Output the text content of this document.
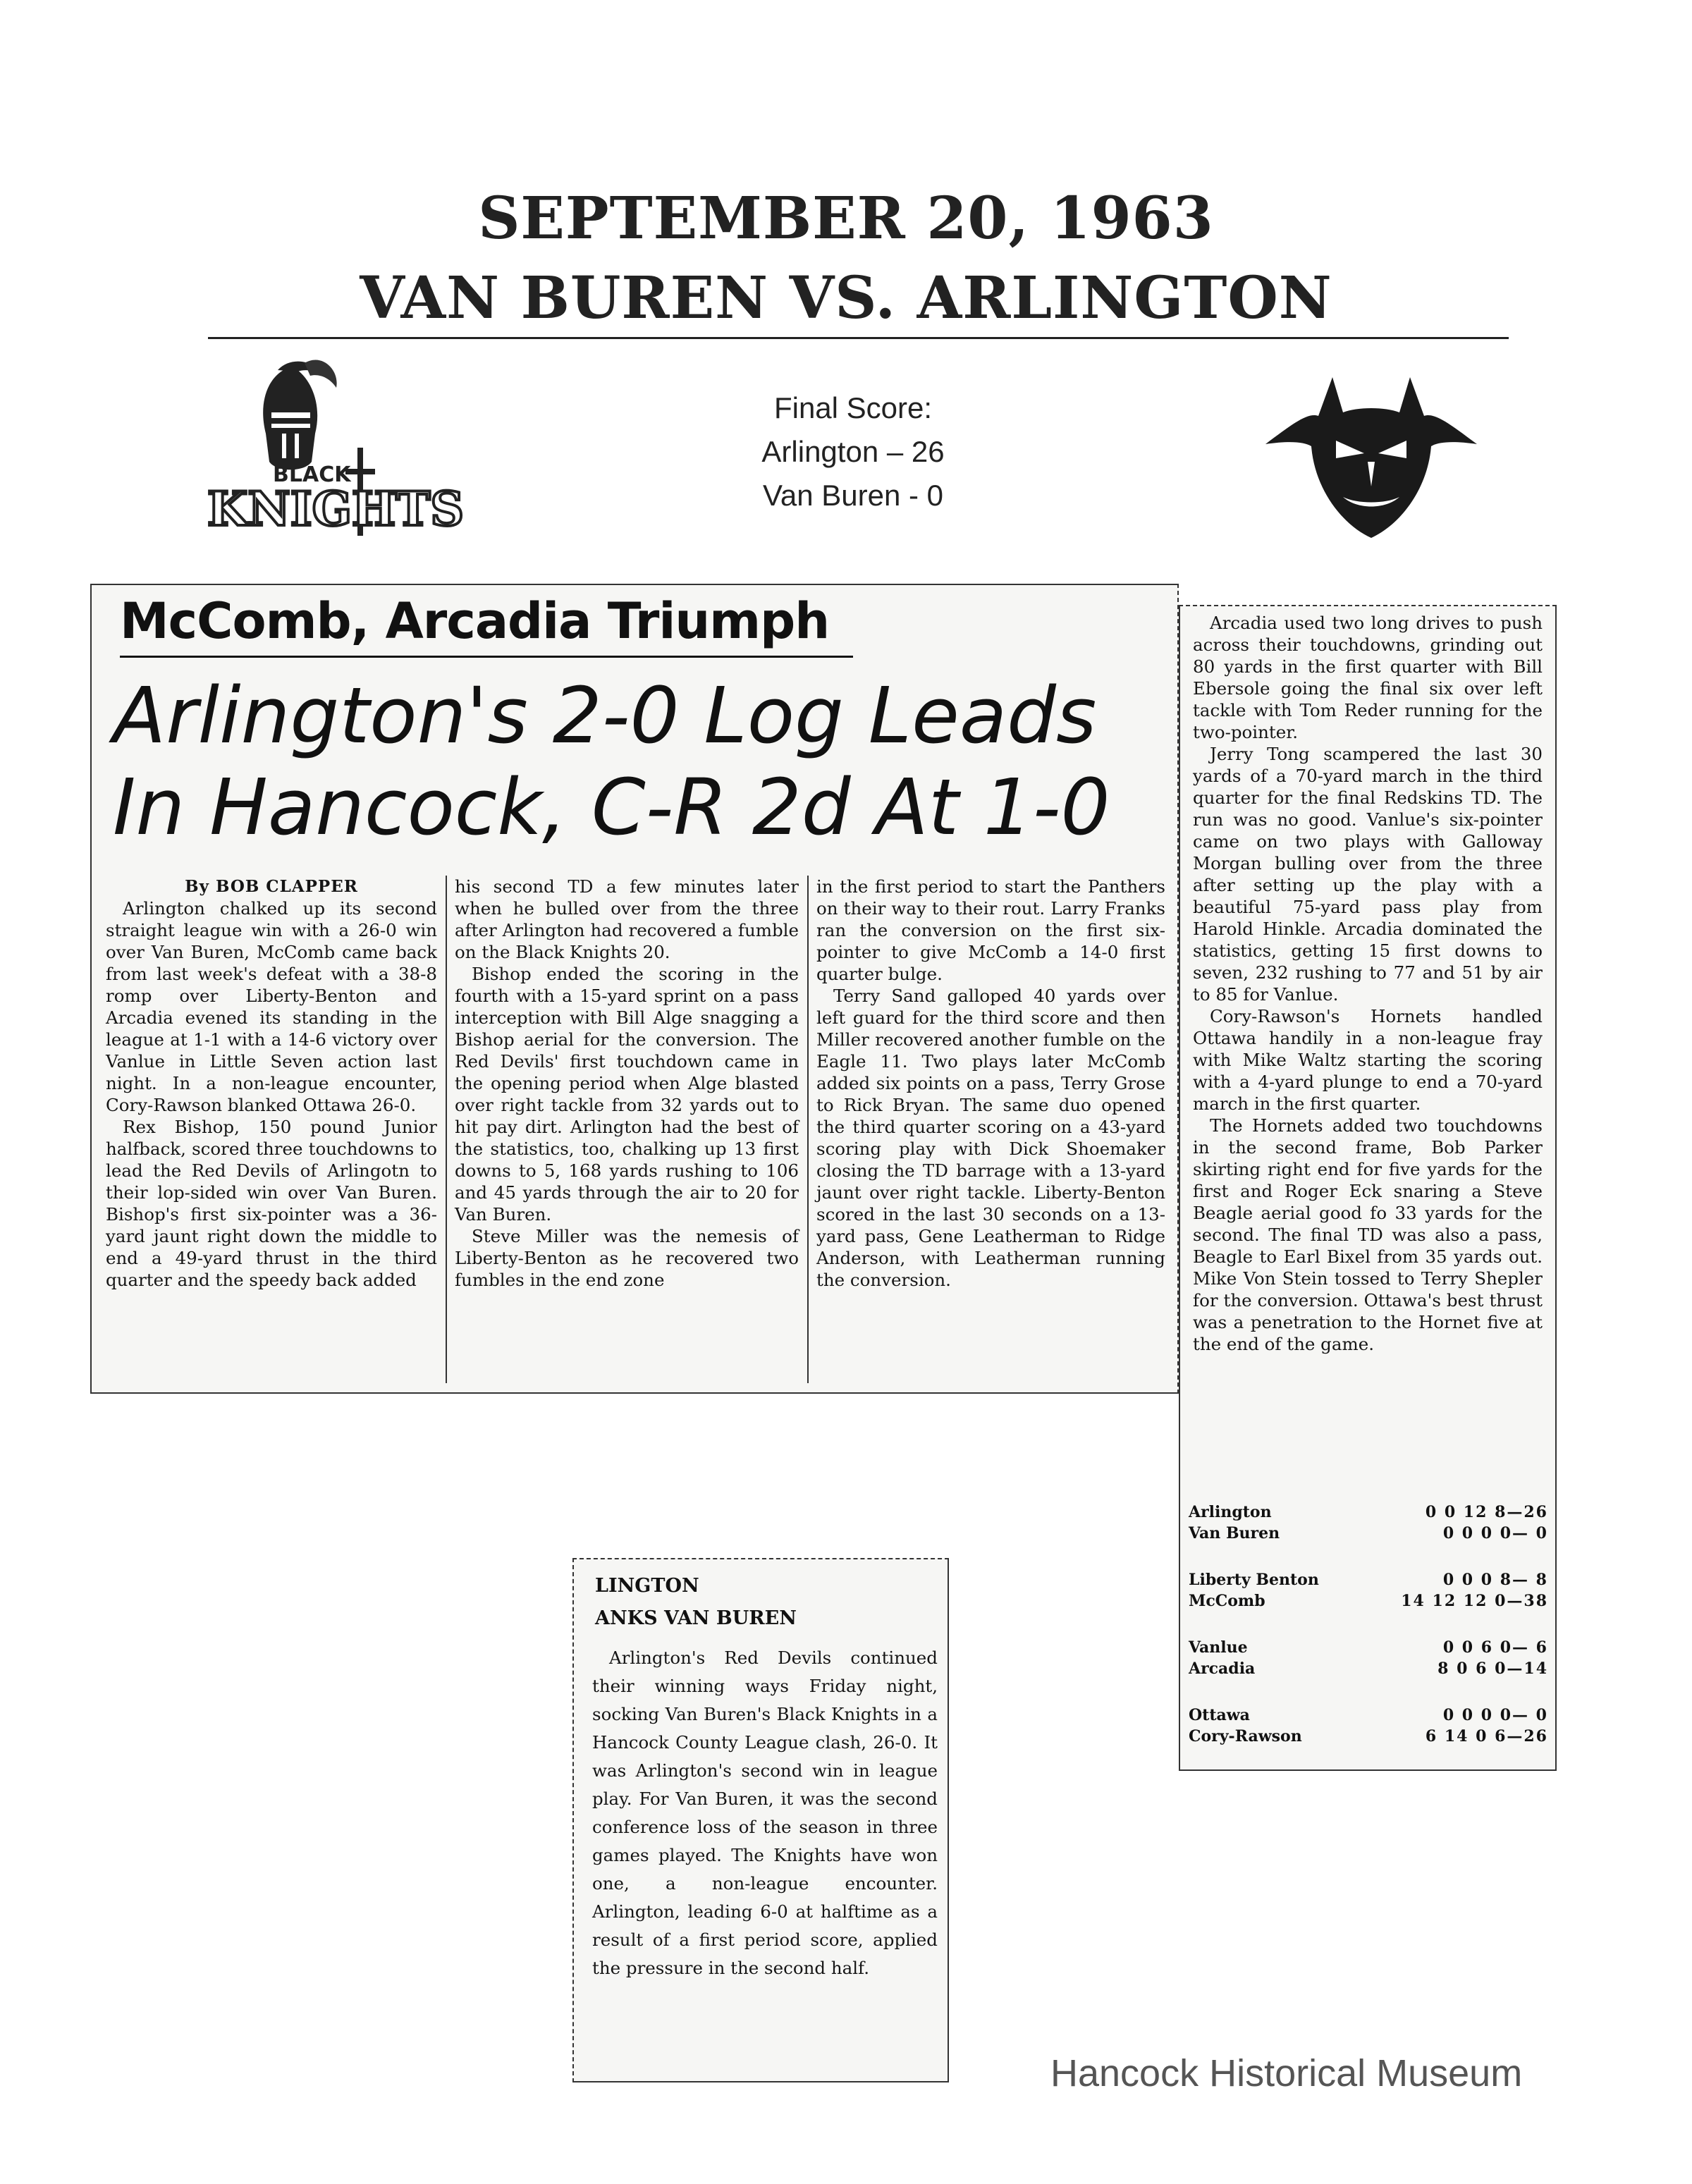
SEPTEMBER 20, 1963
VAN BUREN VS. ARLINGTON
BLACK
KNIGHTS
Final Score:
Arlington – 26
Van Buren - 0
McComb, Arcadia Triumph
Arlington's 2-0 Log Leads
In Hancock, C-R 2d At 1-0

By BOB CLAPPER

Arlington chalked up its second straight league win with a 26-0 win over Van Buren, McComb came back from last week's defeat with a 38-8 romp over Liberty-Benton and Arcadia evened its standing in the league at 1-1 with a 14-6 victory over Vanlue in Little Seven action last night. In a non-league encounter, Cory-Rawson blanked Ottawa 26-0.

Rex Bishop, 150 pound Junior halfback, scored three touchdowns to lead the Red Devils of Arlingotn to their lop-sided win over Van Buren. Bishop's first six-pointer was a 36-yard jaunt right down the middle to end a 49-yard thrust in the third quarter and the speedy back added

his second TD a few minutes later when he bulled over from the three after Arlington had recovered a fumble on the Black Knights 20.

Bishop ended the scoring in the fourth with a 15-yard sprint on a pass interception with Bill Alge snagging a Bishop aerial for the conversion. The Red Devils' first touchdown came in the opening period when Alge blasted over right tackle from 32 yards out to hit pay dirt. Arlington had the best of the statistics, too, chalking up 13 first downs to 5, 168 yards rushing to 106 and 45 yards through the air to 20 for Van Buren.

Steve Miller was the nemesis of Liberty-Benton as he recovered two fumbles in the end zone

in the first period to start the Panthers on their way to their rout. Larry Franks ran the conversion on the first six-pointer to give McComb a 14-0 first quarter bulge.

Terry Sand galloped 40 yards over left guard for the third score and then Miller recovered another fumble on the Eagle 11. Two plays later McComb added six points on a pass, Terry Grose to Rick Bryan. The same duo opened the third quarter scoring on a 43-yard scoring play with Dick Shoemaker closing the TD barrage with a 13-yard jaunt over right tackle. Liberty-Benton scored in the last 30 seconds on a 13-yard pass, Gene Leatherman to Ridge Anderson, with Leatherman running the conversion.

Arcadia used two long drives to push across their touchdowns, grinding out 80 yards in the first quarter with Bill Ebersole going the final six over left tackle with Tom Reder running for the two-pointer.

Jerry Tong scampered the last 30 yards of a 70-yard march in the third quarter for the final Redskins TD. The run was no good. Vanlue's six-pointer came on two plays with Galloway Morgan bulling over from the three after setting up the play with a beautiful 75-yard pass play from Harold Hinkle. Arcadia dominated the statistics, getting 15 first downs to seven, 232 rushing to 77 and 51 by air to 85 for Vanlue.

Cory-Rawson's Hornets handled Ottawa handily in a non-league fray with Mike Waltz starting the scoring with a 4-yard plunge to end a 70-yard march in the first quarter.

The Hornets added two touchdowns in the second frame, Bob Parker skirting right end for five yards for the first and Roger Eck snaring a Steve Beagle aerial good fo 33 yards for the second. The final TD was also a pass, Beagle to Earl Bixel from 35 yards out. Mike Von Stein tossed to Terry Shepler for the conversion. Ottawa's best thrust was a penetration to the Hornet five at the end of the game.

Arlington	0 0 12 8—26
Van Buren	0 0 0 0— 0
Liberty Benton	0 0 0 8— 8
McComb	14 12 12 0—38
Vanlue	0 0 6 0— 6
Arcadia	8 0 6 0—14
Ottawa	0 0 0 0— 0
Cory-Rawson	6 14 0 6—26
LINGTON
ANKS VAN BUREN

Arlington's Red Devils continued their winning ways Friday night, socking Van Buren's Black Knights in a Hancock County League clash, 26-0. It was Arlington's second win in league play. For Van Buren, it was the second conference loss of the season in three games played. The Knights have won one, a non-league encounter. Arlington, leading 6-0 at halftime as a result of a first period score, applied the pressure in the second half.

Hancock Historical Museum
